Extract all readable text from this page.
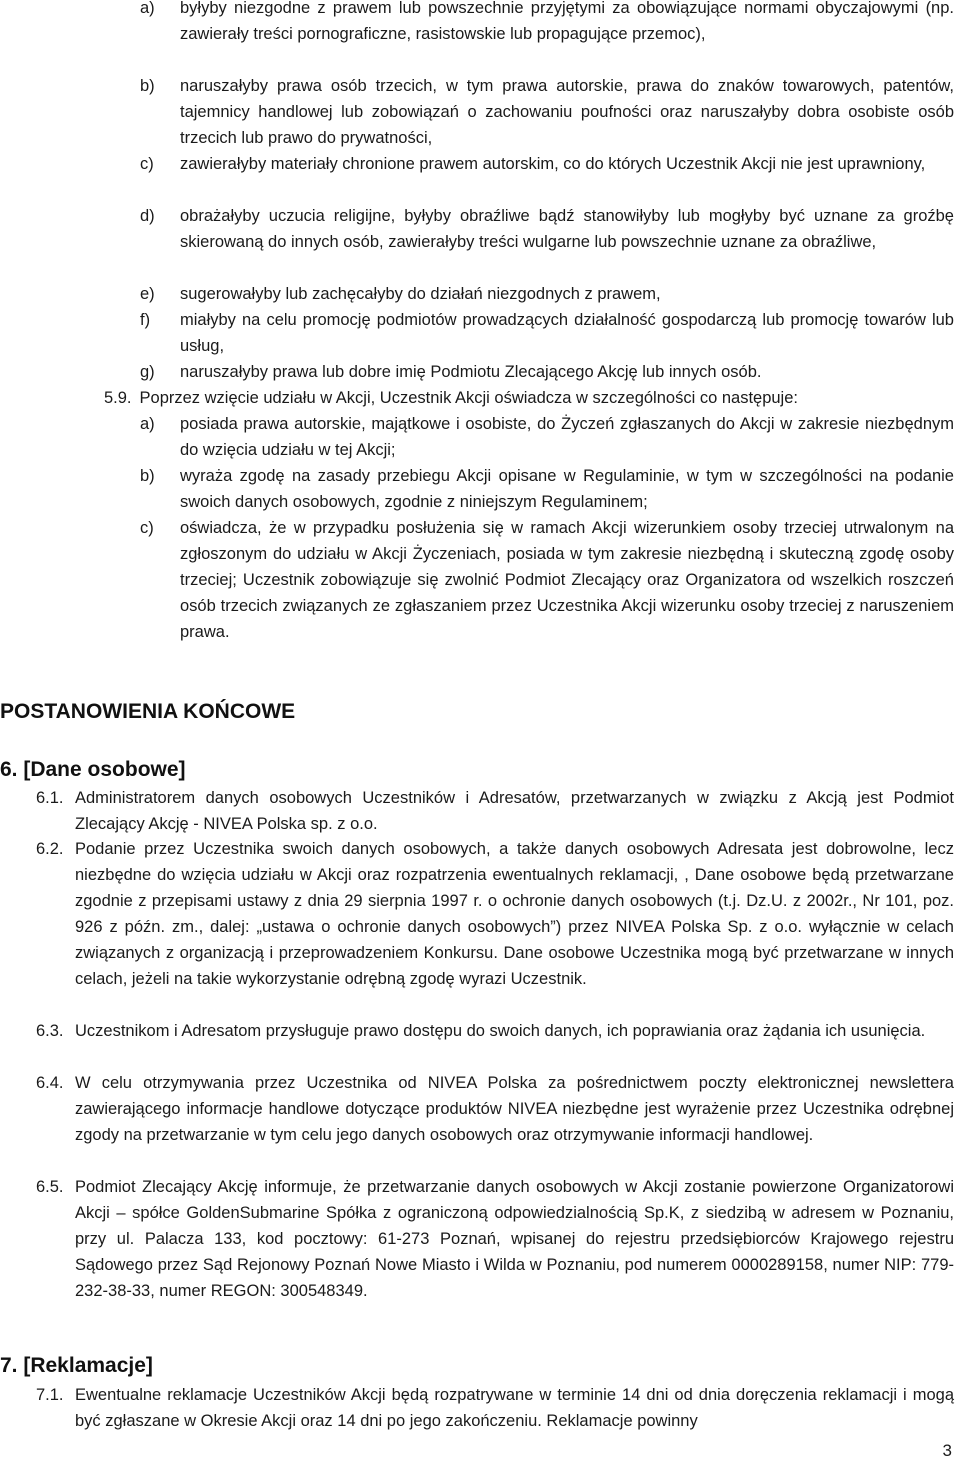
a) byłyby niezgodne z prawem lub powszechnie przyjętymi za obowiązujące normami obyczajowymi (np. zawierały treści pornograficzne, rasistowskie lub propagujące przemoc),
b) naruszałyby prawa osób trzecich, w tym prawa autorskie, prawa do znaków towarowych, patentów, tajemnicy handlowej lub zobowiązań o zachowaniu poufności oraz naruszałyby dobra osobiste osób trzecich lub prawo do prywatności,
c) zawierałyby materiały chronione prawem autorskim, co do których Uczestnik Akcji nie jest uprawniony,
d) obrażałyby uczucia religijne, byłyby obraźliwe bądź stanowiłyby lub mogłyby być uznane za groźbę skierowaną do innych osób, zawierałyby treści wulgarne lub powszechnie uznane za obraźliwe,
e) sugerowałyby lub zachęcałyby do działań niezgodnych z prawem,
f) miałyby na celu promocję podmiotów prowadzących działalność gospodarczą lub promocję towarów lub usług,
g) naruszałyby prawa lub dobre imię Podmiotu Zlecającego Akcję lub innych osób.
5.9. Poprzez wzięcie udziału w Akcji, Uczestnik Akcji oświadcza w szczególności co następuje:
a) posiada prawa autorskie, majątkowe i osobiste, do Życzeń zgłaszanych do Akcji w zakresie niezbędnym do wzięcia udziału w tej Akcji;
b) wyraża zgodę na zasady przebiegu Akcji opisane w Regulaminie, w tym w szczególności na podanie swoich danych osobowych, zgodnie z niniejszym Regulaminem;
c) oświadcza, że w przypadku posłużenia się w ramach Akcji wizerunkiem osoby trzeciej utrwalonym na zgłoszonym do udziału w Akcji Życzeniach, posiada w tym zakresie niezbędną i skuteczną zgodę osoby trzeciej; Uczestnik zobowiązuje się zwolnić Podmiot Zlecający oraz Organizatora od wszelkich roszczeń osób trzecich związanych ze zgłaszaniem przez Uczestnika Akcji wizerunku osoby trzeciej z naruszeniem prawa.
POSTANOWIENIA KOŃCOWE
6. [Dane osobowe]
6.1. Administratorem danych osobowych Uczestników i Adresatów, przetwarzanych w związku z Akcją jest Podmiot Zlecający Akcję - NIVEA Polska sp. z o.o.
6.2. Podanie przez Uczestnika swoich danych osobowych, a także danych osobowych Adresata jest dobrowolne, lecz niezbędne do wzięcia udziału w Akcji oraz rozpatrzenia ewentualnych reklamacji, , Dane osobowe będą przetwarzane zgodnie z przepisami ustawy z dnia 29 sierpnia 1997 r. o ochronie danych osobowych (t.j. Dz.U. z 2002r., Nr 101, poz. 926 z późn. zm., dalej: „ustawa o ochronie danych osobowych”) przez NIVEA Polska Sp. z o.o. wyłącznie w celach związanych z organizacją i przeprowadzeniem Konkursu. Dane osobowe Uczestnika mogą być przetwarzane w innych celach, jeżeli na takie wykorzystanie odrębną zgodę wyrazi Uczestnik.
6.3. Uczestnikom i Adresatom przysługuje prawo dostępu do swoich danych, ich poprawiania oraz żądania ich usunięcia.
6.4. W celu otrzymywania przez Uczestnika od NIVEA Polska za pośrednictwem poczty elektronicznej newslettera zawierającego informacje handlowe dotyczące produktów NIVEA niezbędne jest wyrażenie przez Uczestnika odrębnej zgody na przetwarzanie w tym celu jego danych osobowych oraz otrzymywanie informacji handlowej.
6.5. Podmiot Zlecający Akcję informuje, że przetwarzanie danych osobowych w Akcji zostanie powierzone Organizatorowi Akcji – spółce GoldenSubmarine Spółka z ograniczoną odpowiedzialnością Sp.K, z siedzibą w adresem w Poznaniu, przy ul. Palacza 133, kod pocztowy: 61-273 Poznań, wpisanej do rejestru przedsiębiorców Krajowego rejestru Sądowego przez Sąd Rejonowy Poznań Nowe Miasto i Wilda w Poznaniu, pod numerem 0000289158, numer NIP: 779-232-38-33, numer REGON: 300548349.
7. [Reklamacje]
7.1. Ewentualne reklamacje Uczestników Akcji będą rozpatrywane w terminie 14 dni od dnia doręczenia reklamacji i mogą być zgłaszane w Okresie Akcji oraz 14 dni po jego zakończeniu. Reklamacje powinny
3
